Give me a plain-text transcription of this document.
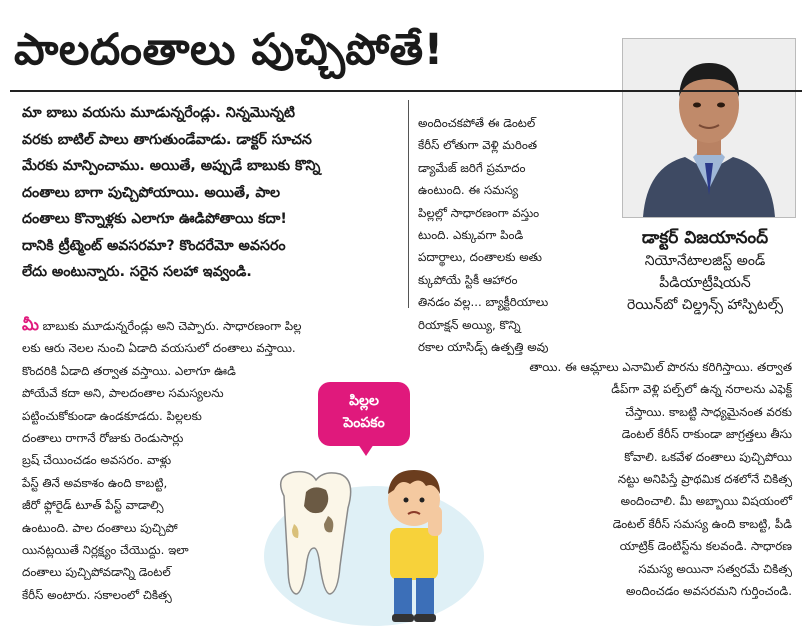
పాలదంతాలు పుచ్చిపోతే!
మా బాబు వయసు మూడున్నరేండ్లు. నిన్నమొన్నటి
వరకు బాటిల్ పాలు తాగుతుండేవాడు. డాక్టర్ సూచన
మేరకు మాన్పించాము. అయితే, అప్పుడే బాబుకు కొన్ని
దంతాలు బాగా పుచ్చిపోయాయి. అయితే, పాల
దంతాలు కొన్నాళ్లకు ఎలాగూ ఊడిపోతాయి కదా!
దానికి ట్రీట్మెంట్ అవసరమా? కొందరేమో అవసరం
లేదు అంటున్నారు. సరైన సలహా ఇవ్వండి.
మీ బాబుకు మూడున్నరేండ్లు అని చెప్పారు. సాధారణంగా పిల్ల
లకు ఆరు నెలల నుంచి ఏడాది వయసులో దంతాలు వస్తాయి.
కొందరికి ఏడాది తర్వాత వస్తాయి. ఎలాగూ ఊడి
పోయేవే కదా అని, పాలదంతాల సమస్యలను
పట్టించుకోకుండా ఉండకూడదు. పిల్లలకు
దంతాలు రాగానే రోజుకు రెండుసార్లు
బ్రష్ చేయించడం అవసరం. వాళ్లు
పేస్ట్ తినే అవకాశం ఉంది కాబట్టి,
జీరో ఫ్లోరైడ్ టూత్ పేస్ట్ వాడాల్సి
ఉంటుంది. పాల దంతాలు పుచ్చిపో
యినట్లయితే నిర్లక్ష్యం చేయొద్దు. ఇలా
దంతాలు పుచ్చిపోవడాన్ని డెంటల్
కేరీస్ అంటారు. సకాలంలో చికిత్స
అందించకపోతే ఈ డెంటల్
కేరీస్ లోతుగా వెళ్లి మరింత
డ్యామేజ్ జరిగే ప్రమాదం
ఉంటుంది. ఈ సమస్య
పిల్లల్లో సాధారణంగా వస్తుం
టుంది. ఎక్కువగా పిండి
పదార్థాలు, దంతాలకు అతు
క్కుపోయే స్టికీ ఆహారం
తినడం వల్ల... బ్యాక్టీరియాలు
రియాక్షన్ అయ్యి, కొన్ని
రకాల యాసిడ్స్ ఉత్పత్తి అవు
డాక్టర్ విజయానంద్
నియోనేటాలజిస్ట్ అండ్
పీడియాట్రీషియన్
రెయిన్‌బో చిల్డ్రన్స్ హాస్పిటల్స్
తాయి. ఈ ఆమ్లాలు ఎనామిల్ పొరను కరిగిస్తాయి. తర్వాత
డీప్‌గా వెళ్లి పల్ప్‌లో ఉన్న నరాలను ఎఫెక్ట్
చేస్తాయి. కాబట్టి సాధ్యమైనంత వరకు
డెంటల్ కేరీస్ రాకుండా జాగ్రత్తలు తీసు
కోవాలి. ఒకవేళ దంతాలు పుచ్చిపోయి
నట్టు అనిపిస్తే ప్రాథమిక దశలోనే చికిత్స
అందించాలి. మీ అబ్బాయి విషయంలో
డెంటల్ కేరీస్ సమస్య ఉంది కాబట్టి, పీడి
యాట్రిక్ డెంటిస్ట్‌ను కలవండి. సాధారణ
సమస్య అయినా సత్వరమే చికిత్స
అందించడం అవసరమని గుర్తించండి.
పిల్లల
పెంపకం
